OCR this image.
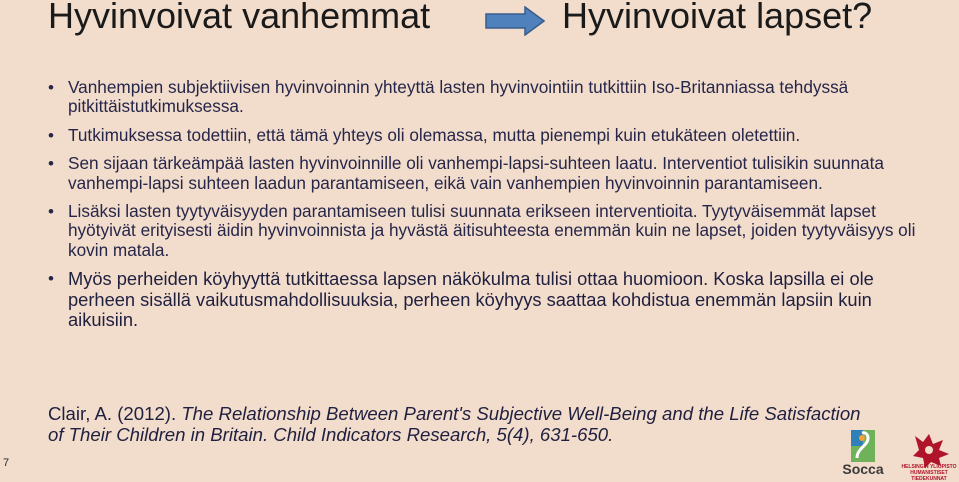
Hyvinvoivat vanhemmat	Hyvinvoivat lapset?
• Vanhempien subjektiivisen hyvinvoinnin yhteyttä lasten hyvinvointiin tutkittiin Iso-Britanniassa tehdyssä pitkittäistutkimuksessa.
• Tutkimuksessa todettiin, että tämä yhteys oli olemassa, mutta pienempi kuin etukäteen oletettiin.
• Sen sijaan tärkeämpää lasten hyvinvoinnille oli vanhempi-lapsi-suhteen laatu. Interventiot tulisikin suunnata vanhempi-lapsi suhteen laadun parantamiseen, eikä vain vanhempien hyvinvoinnin parantamiseen.
• Lisäksi lasten tyytyväisyyden parantamiseen tulisi suunnata erikseen interventioita. Tyytyväisemmät lapset hyötyivät erityisesti äidin hyvinvoinnista ja hyvästä äitisuhteesta enemmän kuin ne lapset, joiden tyytyväisyys oli kovin matala.
• Myös perheiden köyhyyttä tutkittaessa lapsen näkökulma tulisi ottaa huomioon. Koska lapsilla ei ole perheen sisällä vaikutusmahdollisuuksia, perheen köyhyys saattaa kohdistua enemmän lapsiin kuin aikuisiin.
Clair, A. (2012). The Relationship Between Parent's Subjective Well-Being and the Life Satisfaction of Their Children in Britain. Child Indicators Research, 5(4), 631-650.
7	Socca	HELSINGIN YLIOPISTO
HUMANISTISET TIEDEKUNNAT
